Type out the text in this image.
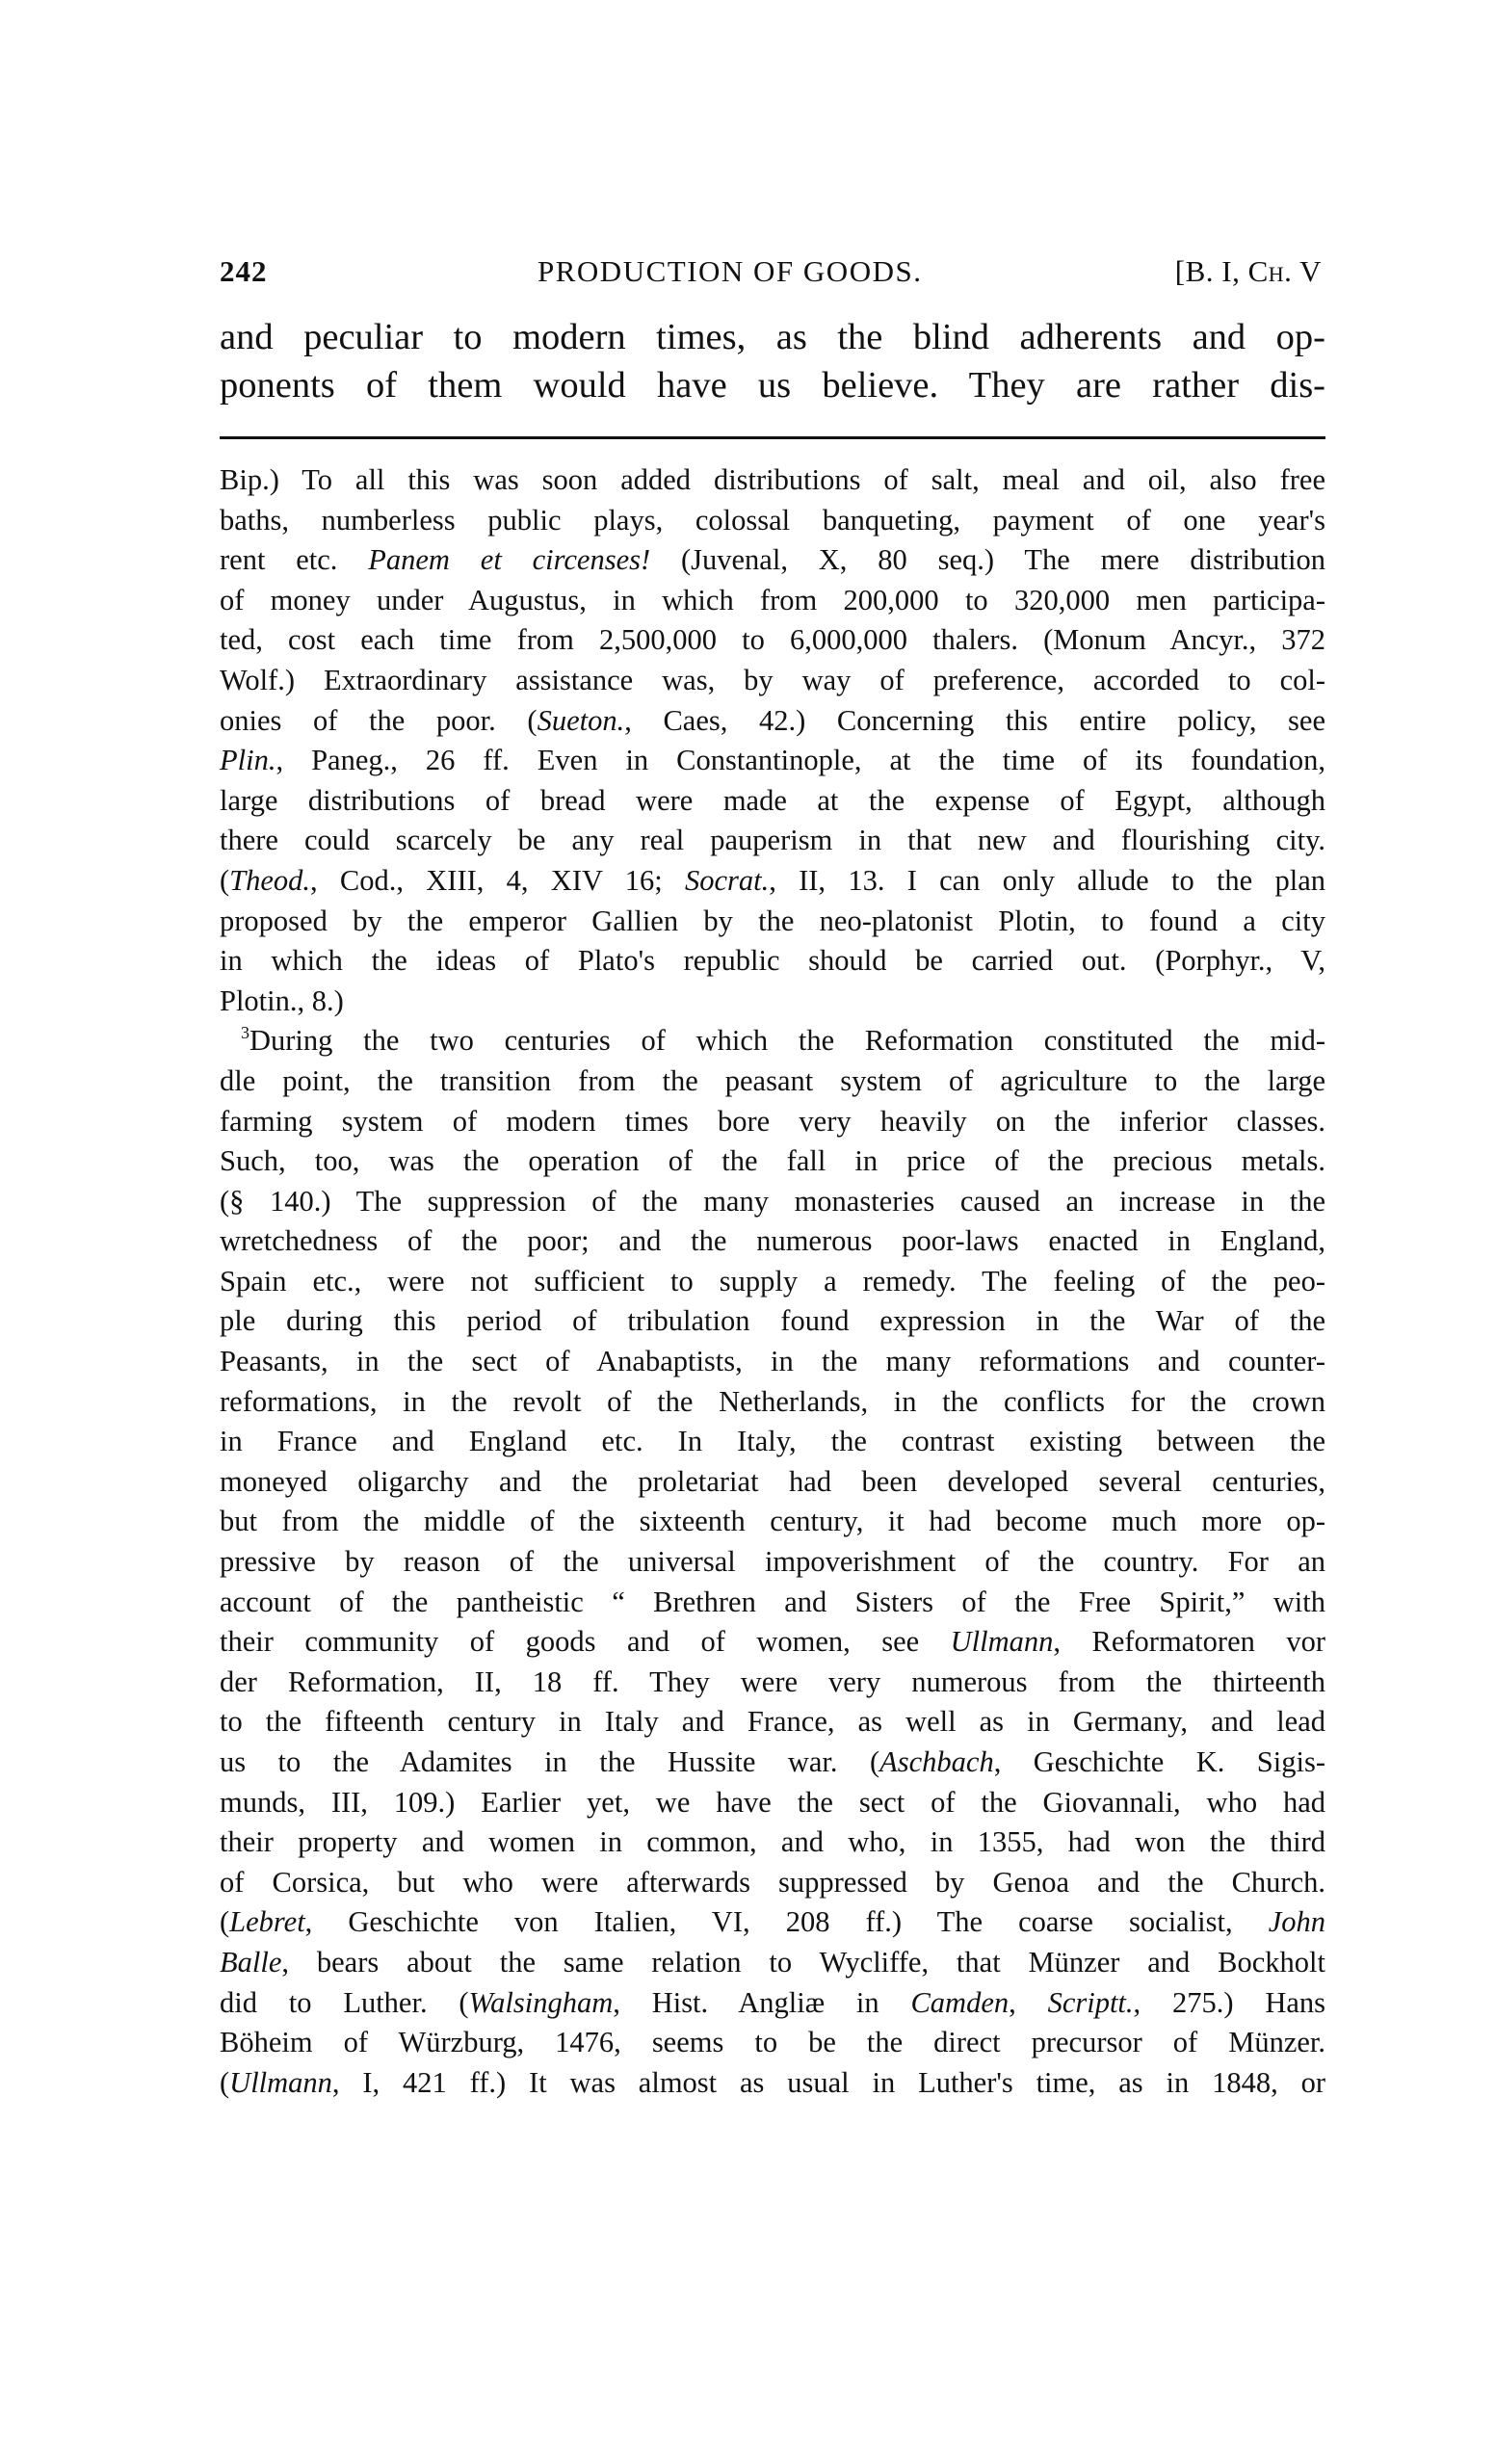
242	PRODUCTION OF GOODS.	[B. I, Ch. V
and peculiar to modern times, as the blind adherents and op-
ponents of them would have us believe. They are rather dis-
Bip.) To all this was soon added distributions of salt, meal and oil, also free
baths, numberless public plays, colossal banqueting, payment of one year's
rent etc. Panem et circenses! (Juvenal, X, 80 seq.) The mere distribution
of money under Augustus, in which from 200,000 to 320,000 men participa-
ted, cost each time from 2,500,000 to 6,000,000 thalers. (Monum Ancyr., 372
Wolf.) Extraordinary assistance was, by way of preference, accorded to col-
onies of the poor. (Sueton., Caes, 42.) Concerning this entire policy, see
Plin., Paneg., 26 ff. Even in Constantinople, at the time of its foundation,
large distributions of bread were made at the expense of Egypt, although
there could scarcely be any real pauperism in that new and flourishing city.
(Theod., Cod., XIII, 4, XIV 16; Socrat., II, 13. I can only allude to the plan
proposed by the emperor Gallien by the neo-platonist Plotin, to found a city
in which the ideas of Plato's republic should be carried out. (Porphyr., V,
Plotin., 8.)
$^3$During the two centuries of which the Reformation constituted the mid-
dle point, the transition from the peasant system of agriculture to the large
farming system of modern times bore very heavily on the inferior classes.
Such, too, was the operation of the fall in price of the precious metals.
(§ 140.) The suppression of the many monasteries caused an increase in the
wretchedness of the poor; and the numerous poor-laws enacted in England,
Spain etc., were not sufficient to supply a remedy. The feeling of the peo-
ple during this period of tribulation found expression in the War of the
Peasants, in the sect of Anabaptists, in the many reformations and counter-
reformations, in the revolt of the Netherlands, in the conflicts for the crown
in France and England etc. In Italy, the contrast existing between the
moneyed oligarchy and the proletariat had been developed several centuries,
but from the middle of the sixteenth century, it had become much more op-
pressive by reason of the universal impoverishment of the country. For an
account of the pantheistic “ Brethren and Sisters of the Free Spirit,” with
their community of goods and of women, see Ullmann, Reformatoren vor
der Reformation, II, 18 ff. They were very numerous from the thirteenth
to the fifteenth century in Italy and France, as well as in Germany, and lead
us to the Adamites in the Hussite war. (Aschbach, Geschichte K. Sigis-
munds, III, 109.) Earlier yet, we have the sect of the Giovannali, who had
their property and women in common, and who, in 1355, had won the third
of Corsica, but who were afterwards suppressed by Genoa and the Church.
(Lebret, Geschichte von Italien, VI, 208 ff.) The coarse socialist, John
Balle, bears about the same relation to Wycliffe, that Münzer and Bockholt
did to Luther. (Walsingham, Hist. Angliæ in Camden, Scriptt., 275.) Hans
Böheim of Würzburg, 1476, seems to be the direct precursor of Münzer.
(Ullmann, I, 421 ff.) It was almost as usual in Luther's time, as in 1848, or
